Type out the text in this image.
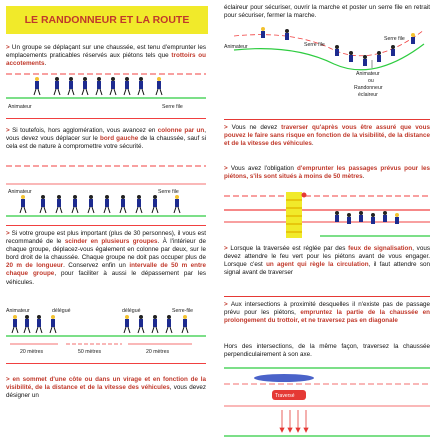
LE RANDONNEUR ET LA ROUTE

> Un groupe se déplaçant sur une chaussée, est tenu d'emprunter les emplacements praticables réservés aux piétons tels que trottoirs ou accotements.

Animateur	Serre file

> Si toutefois, hors agglomération, vous avancez en colonne par un, vous devez vous déplacer sur le bord gauche de la chaussée, sauf si cela est de nature à compromettre votre sécurité.

Animateur	Serre file

> Si votre groupe est plus important (plus de 30 personnes), il vous est recommandé de le scinder en plusieurs groupes. À l'intérieur de chaque groupe, déplacez-vous également en colonne par deux, sur le bord droit de la chaussée. Chaque groupe ne doit pas occuper plus de 20 m de longueur. Conservez enfin un intervalle de 50 m entre chaque groupe, pour faciliter à aussi le dépassement par les véhicules.

Animateur	délégué	délégué	Serre-file
20 mètres	50 mètres	20 mètres

> en sommet d'une côte ou dans un virage et en fonction de la visibilité, de la distance et de la vitesse des véhicules, vous devez désigner un

éclaireur pour sécuriser, ouvrir la marche et poster un serre file en retrait pour sécuriser, fermer la marche.

Animateur	Serre file
Serre file
Animateur
ou
Randonneur
éclaireur

> Vous ne devez traverser qu'après vous être assuré que vous pouvez le faire sans risque en fonction de la visibilité, de la distance et de la vitesse des véhicules.

> Vous avez l'obligation d'emprunter les passages prévus pour les piétons, s'ils sont situés à moins de 50 mètres.

> Lorsque la traversée est réglée par des feux de signalisation, vous devez attendre le feu vert pour les piétons avant de vous engager. Lorsque c'est un agent qui règle la circulation, il faut attendre son signal avant de traverser

> Aux intersections à proximité desquelles il n'existe pas de passage prévu pour les piétons, empruntez la partie de la chaussée en prolongement du trottoir, et ne traversez pas en diagonale

Hors des intersections, de la même façon, traversez la chaussée perpendiculairement à son axe.

Traversé
